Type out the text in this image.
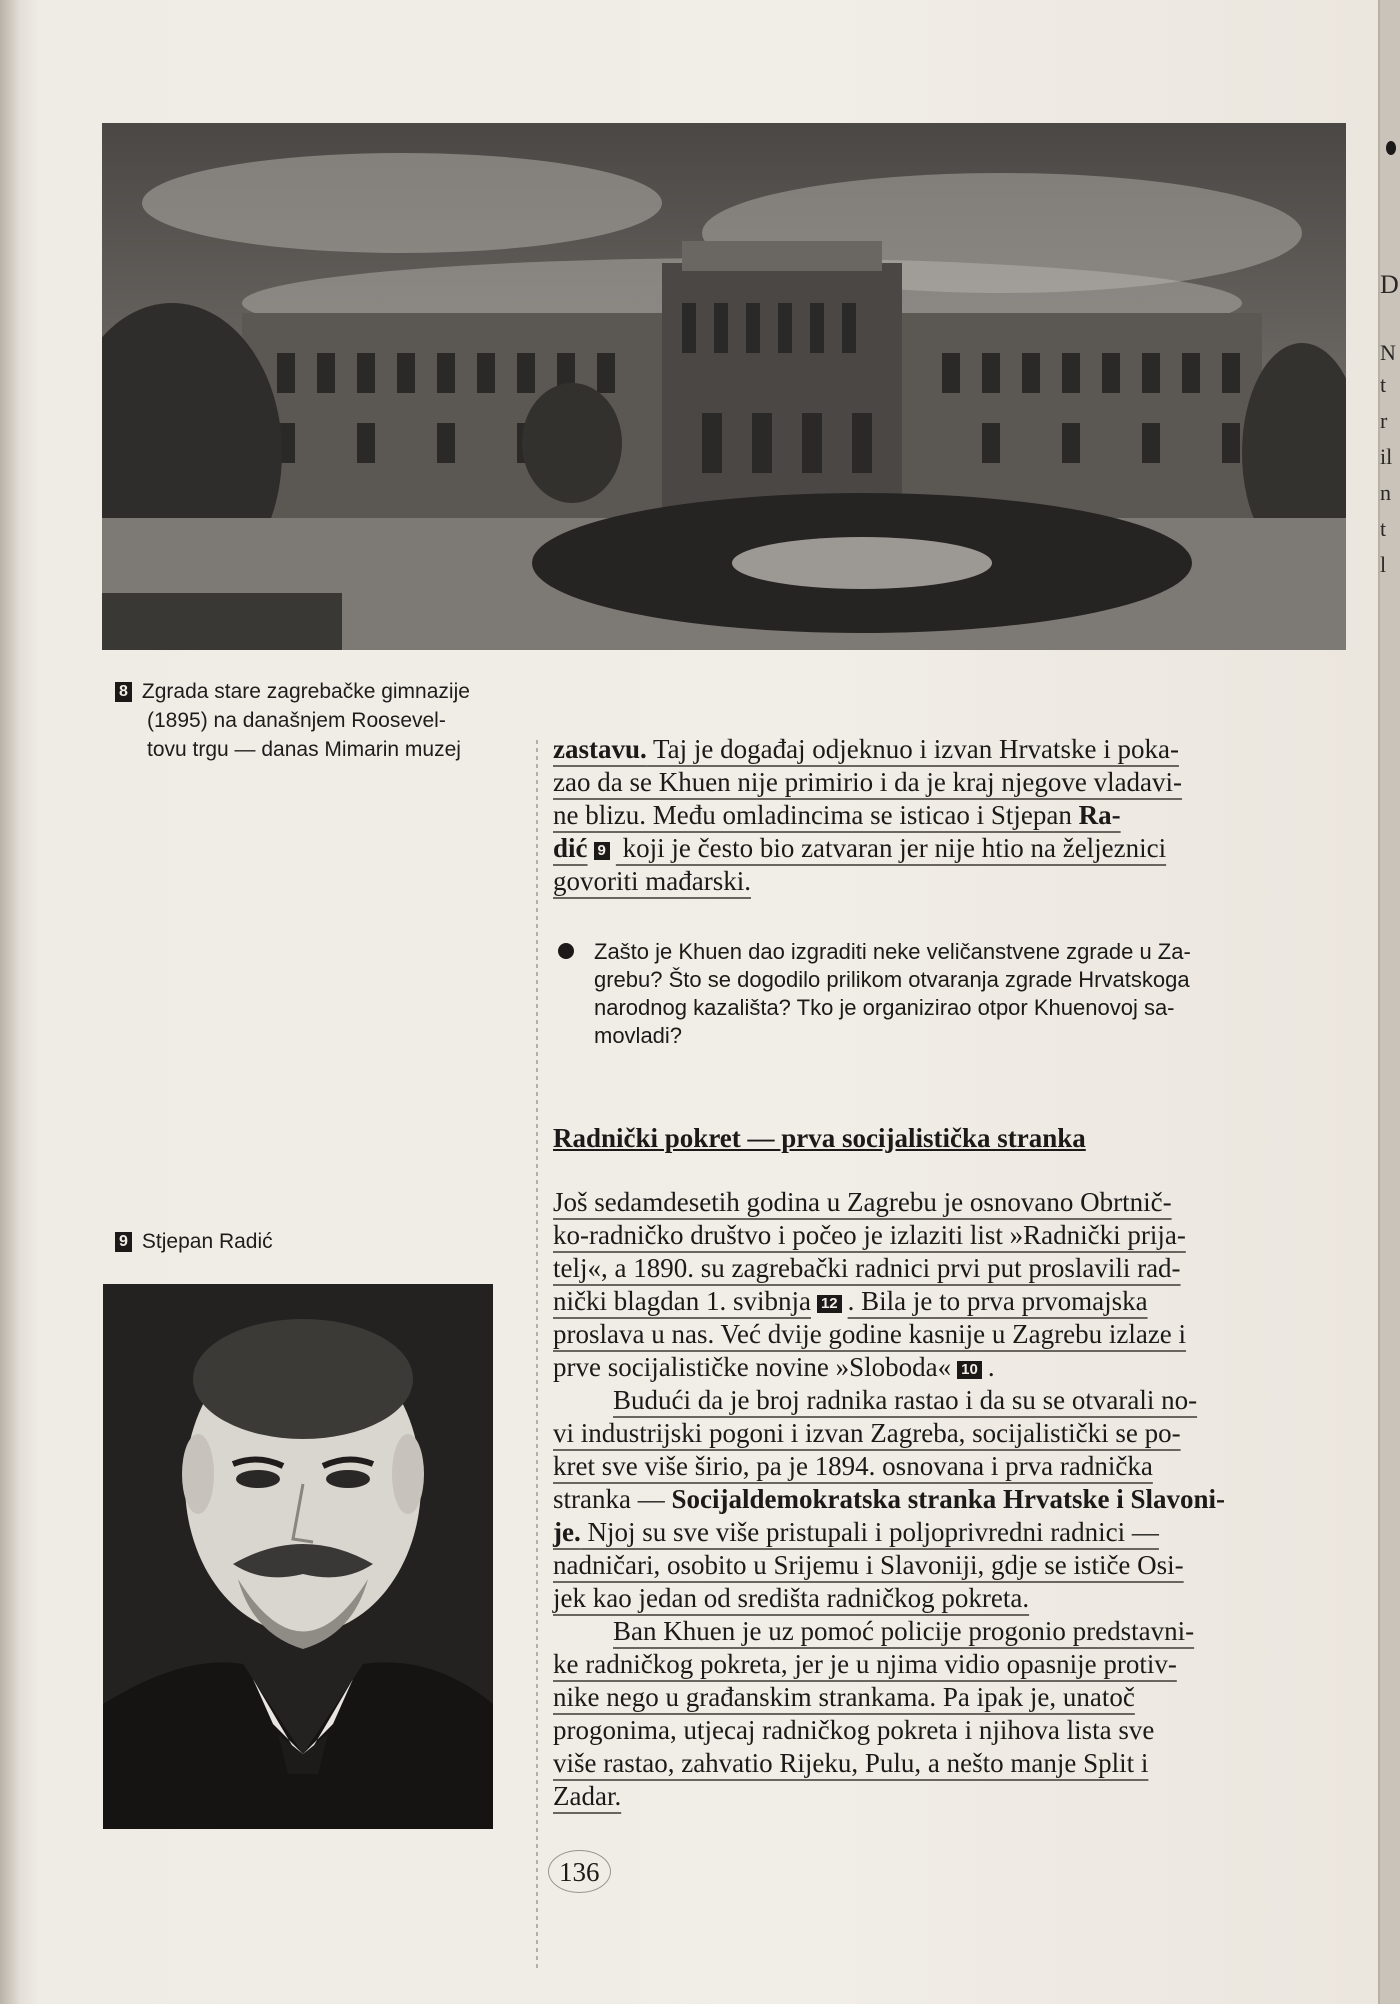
D
N
t
r
il
n
t
l
8 Zgrada stare zagrebačke gimnazije
(1895) na današnjem Roosevel-
tovu trgu — danas Mimarin muzej
9 Stjepan Radić
zastavu. Taj je događaj odjeknuo i izvan Hrvatske i poka-
zao da se Khuen nije primirio i da je kraj njegove vladavi-
ne blizu. Među omladincima se isticao i Stjepan Ra-
dić 9 koji je često bio zatvaran jer nije htio na željeznici
govoriti mađarski.
Zašto je Khuen dao izgraditi neke veličanstvene zgrade u Za-
grebu? Što se dogodilo prilikom otvaranja zgrade Hrvatskoga
narodnog kazališta? Tko je organizirao otpor Khuenovoj sa-
movladi?
Radnički pokret — prva socijalistička stranka
Još sedamdesetih godina u Zagrebu je osnovano Obrtnič-
ko-radničko društvo i počeo je izlaziti list »Radnički prija-
telj«, a 1890. su zagrebački radnici prvi put proslavili rad-
nički blagdan 1. svibnja 12 . Bila je to prva prvomajska
proslava u nas. Već dvije godine kasnije u Zagrebu izlaze i
prve socijalističke novine »Sloboda« 10 .
Budući da je broj radnika rastao i da su se otvarali no-
vi industrijski pogoni i izvan Zagreba, socijalistički se po-
kret sve više širio, pa je 1894. osnovana i prva radnička
stranka — Socijaldemokratska stranka Hrvatske i Slavoni-
je. Njoj su sve više pristupali i poljoprivredni radnici —
nadničari, osobito u Srijemu i Slavoniji, gdje se ističe Osi-
jek kao jedan od središta radničkog pokreta.
Ban Khuen je uz pomoć policije progonio predstavni-
ke radničkog pokreta, jer je u njima vidio opasnije protiv-
nike nego u građanskim strankama. Pa ipak je, unatoč
progonima, utjecaj radničkog pokreta i njihova lista sve
više rastao, zahvatio Rijeku, Pulu, a nešto manje Split i
Zadar.
136
